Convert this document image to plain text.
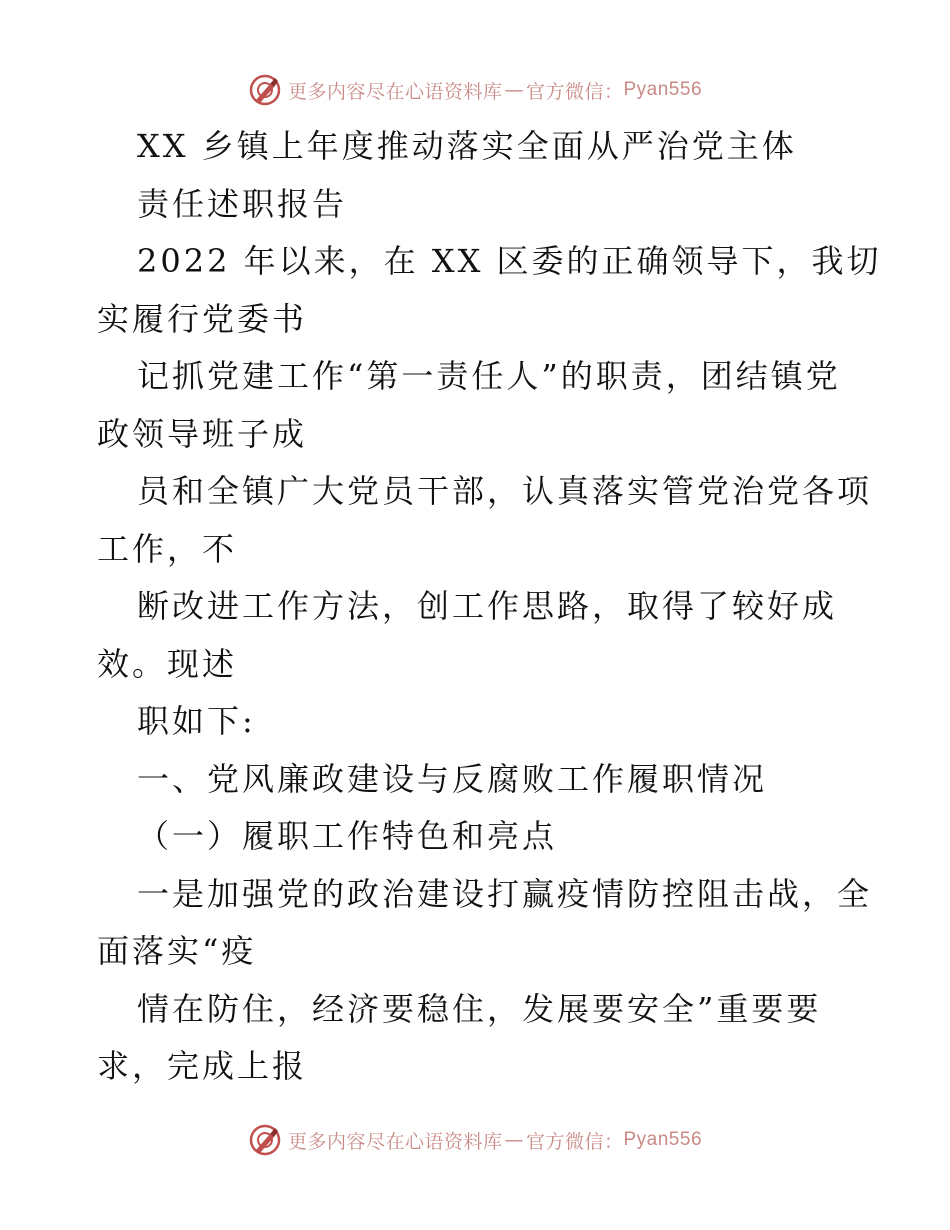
更多内容尽在心语资料库 — 官方微信： Pyan556
XX 乡镇上年度推动落实全面从严治党主体
责任述职报告
2022 年以来，在 XX 区委的正确领导下，我切
实履行党委书
记抓党建工作“第一责任人”的职责，团结镇党
政领导班子成
员和全镇广大党员干部，认真落实管党治党各项
工作，不
断改进工作方法，创工作思路，取得了较好成
效。现述
职如下:
一、党风廉政建设与反腐败工作履职情况
（一）履职工作特色和亮点
一是加强党的政治建设打赢疫情防控阻击战，全
面落实“疫
情在防住，经济要稳住，发展要安全”重要要
求，完成上报
更多内容尽在心语资料库 — 官方微信： Pyan556
